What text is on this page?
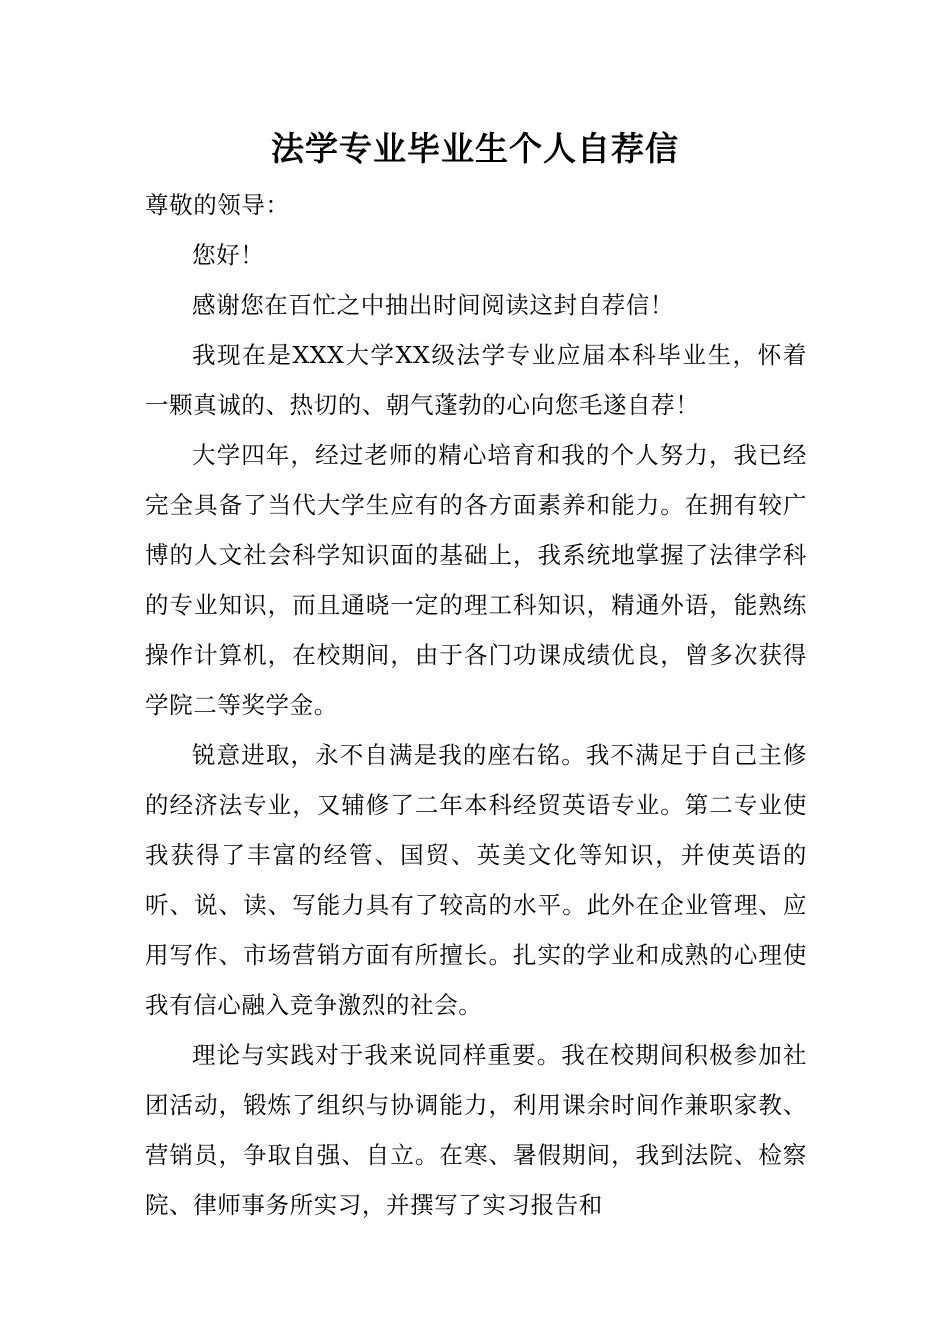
法学专业毕业生个人自荐信

尊敬的领导：

您好！

感谢您在百忙之中抽出时间阅读这封自荐信！

我现在是XXX大学XX级法学专业应届本科毕业生，怀着一颗真诚的、热切的、朝气蓬勃的心向您毛遂自荐！

大学四年，经过老师的精心培育和我的个人努力，我已经完全具备了当代大学生应有的各方面素养和能力。在拥有较广博的人文社会科学知识面的基础上，我系统地掌握了法律学科的专业知识，而且通晓一定的理工科知识，精通外语，能熟练操作计算机，在校期间，由于各门功课成绩优良，曾多次获得学院二等奖学金。

锐意进取，永不自满是我的座右铭。我不满足于自己主修的经济法专业，又辅修了二年本科经贸英语专业。第二专业使我获得了丰富的经管、国贸、英美文化等知识，并使英语的听、说、读、写能力具有了较高的水平。此外在企业管理、应用写作、市场营销方面有所擅长。扎实的学业和成熟的心理使我有信心融入竞争激烈的社会。

理论与实践对于我来说同样重要。我在校期间积极参加社团活动，锻炼了组织与协调能力，利用课余时间作兼职家教、营销员，争取自强、自立。在寒、暑假期间，我到法院、检察院、律师事务所实习，并撰写了实习报告和
